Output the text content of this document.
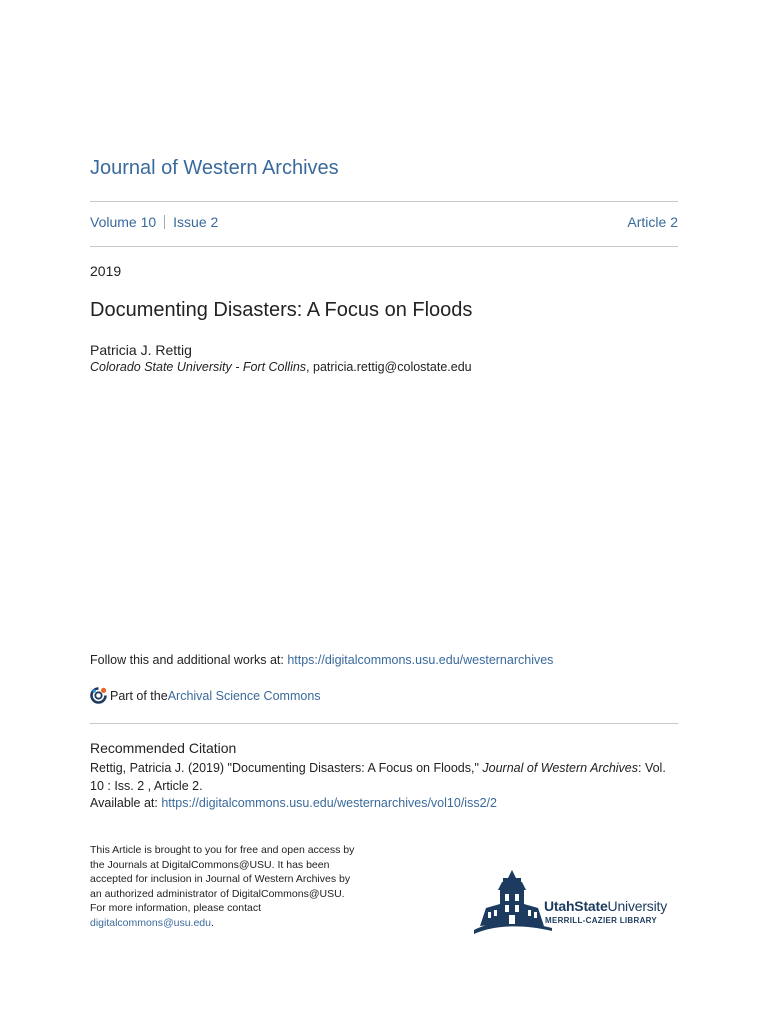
Journal of Western Archives
Volume 10 Issue 2	Article 2
2019
Documenting Disasters: A Focus on Floods
Patricia J. Rettig
Colorado State University - Fort Collins, patricia.rettig@colostate.edu
Follow this and additional works at: https://digitalcommons.usu.edu/westernarchives
Part of the Archival Science Commons
Recommended Citation
Rettig, Patricia J. (2019) "Documenting Disasters: A Focus on Floods," Journal of Western Archives: Vol. 10 : Iss. 2 , Article 2.
Available at: https://digitalcommons.usu.edu/westernarchives/vol10/iss2/2
This Article is brought to you for free and open access by
the Journals at DigitalCommons@USU. It has been
accepted for inclusion in Journal of Western Archives by
an authorized administrator of DigitalCommons@USU.
For more information, please contact
digitalcommons@usu.edu.
UtahStateUniversity
MERRILL-CAZIER LIBRARY
